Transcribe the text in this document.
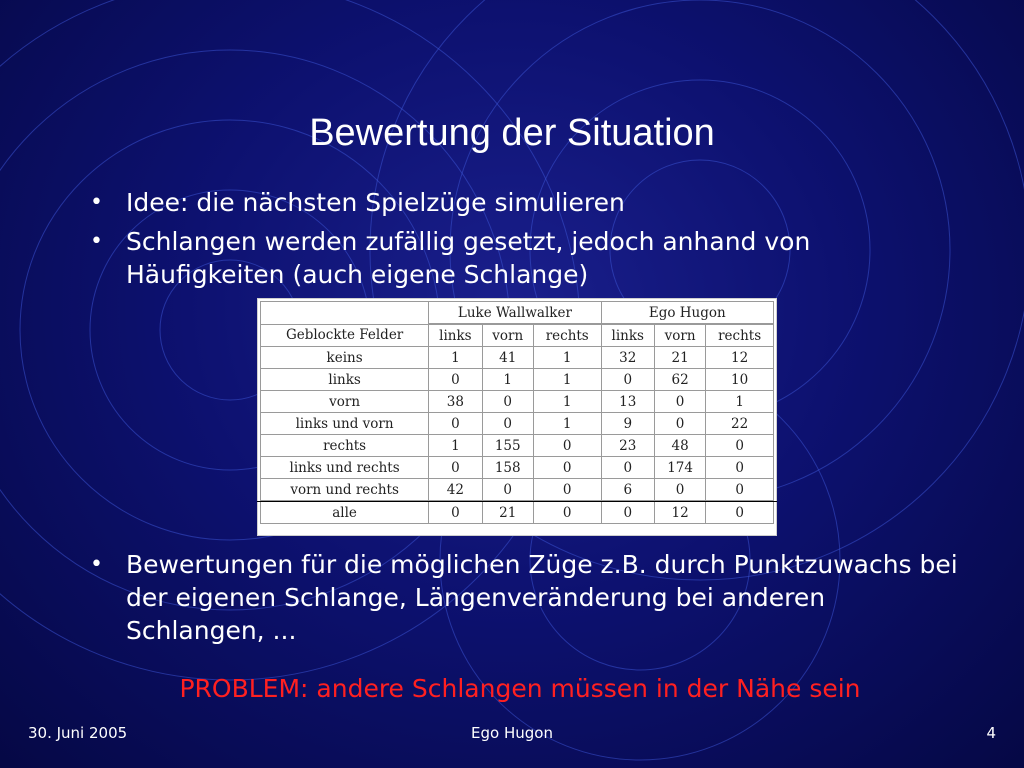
Bewertung der Situation
• Idee: die nächsten Spielzüge simulieren
• Schlangen werden zufällig gesetzt, jedoch anhand von Häufigkeiten (auch eigene Schlange)
	Luke Wallwalker			Ego Hugon		
Geblockte Felder	links	vorn	rechts	links	vorn	rechts
keins	1	41	1	32	21	12
links	0	1	1	0	62	10
vorn	38	0	1	13	0	1
links und vorn	0	0	1	9	0	22
rechts	1	155	0	23	48	0
links und rechts	0	158	0	0	174	0
vorn und rechts	42	0	0	6	0	0
alle	0	21	0	0	12	0
• Bewertungen für die möglichen Züge z.B. durch Punktzuwachs bei der eigenen Schlange, Längenveränderung bei anderen Schlangen, ...
PROBLEM: andere Schlangen müssen in der Nähe sein
30. Juni 2005	Ego Hugon	4
